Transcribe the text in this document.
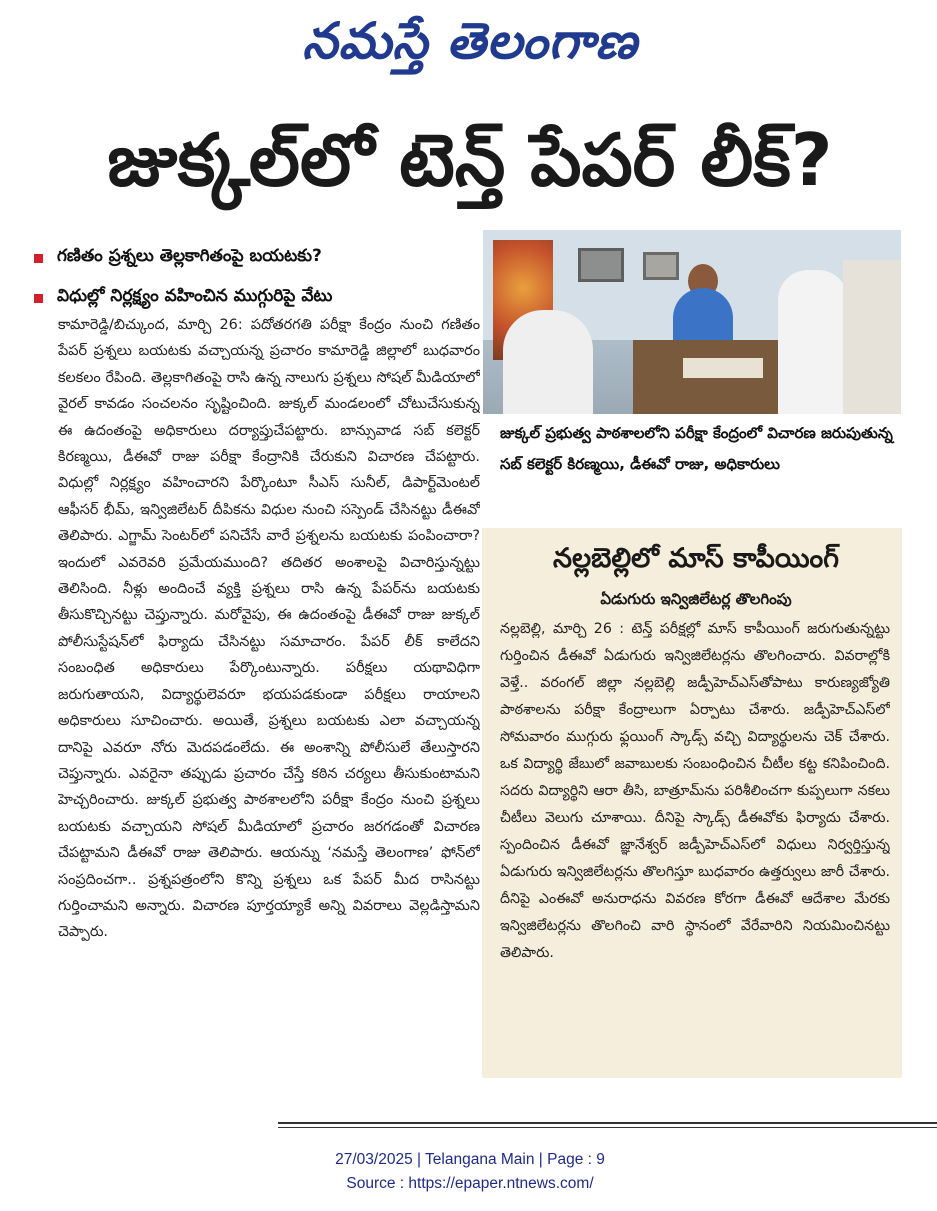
నమస్తే తెలంగాణ
జుక్కల్‌లో టెన్త్ పేపర్ లీక్?
గణితం ప్రశ్నలు తెల్లకాగితంపై బయటకు?
విధుల్లో నిర్లక్ష్యం వహించిన ముగ్గురిపై వేటు
కామారెడ్డి/బిచ్కుంద, మార్చి 26: పదోతరగతి పరీక్షా కేంద్రం నుంచి గణితం పేపర్ ప్రశ్నలు బయటకు వచ్చాయన్న ప్రచారం కామారెడ్డి జిల్లాలో బుధవారం కలకలం రేపింది. తెల్లకాగితంపై రాసి ఉన్న నాలుగు ప్రశ్నలు సోషల్ మీడియాలో వైరల్ కావడం సంచలనం సృష్టించింది. జుక్కల్ మండలంలో చోటుచేసుకున్న ఈ ఉదంతంపై అధికారులు దర్యాప్తుచేపట్టారు. బాన్సువాడ సబ్ కలెక్టర్ కిరణ్మయి, డీఈవో రాజు పరీక్షా కేంద్రానికి చేరుకుని విచారణ చేపట్టారు. విధుల్లో నిర్లక్ష్యం వహించారని పేర్కొంటూ సీఎస్ సునీల్, డిపార్ట్‌మెంటల్ ఆఫీసర్ భీమ్, ఇన్విజిలేటర్ దీపికను విధుల నుంచి సస్పెండ్ చేసినట్టు డీఈవో తెలిపారు. ఎగ్జామ్ సెంటర్‌లో పనిచేసే వారే ప్రశ్నలను బయటకు పంపించారా? ఇందులో ఎవరెవరి ప్రమేయముంది? తదితర అంశాలపై విచారిస్తున్నట్టు తెలిసింది. నీళ్లు అందించే వ్యక్తి ప్రశ్నలు రాసి ఉన్న పేపర్‌ను బయటకు తీసుకొచ్చినట్టు చెప్తున్నారు. మరోవైపు, ఈ ఉదంతంపై డీఈవో రాజు జుక్కల్ పోలీసుస్టేషన్‌లో ఫిర్యాదు చేసినట్టు సమాచారం. పేపర్ లీక్ కాలేదని సంబంధిత అధికారులు పేర్కొంటున్నారు. పరీక్షలు యథావిధిగా జరుగుతాయని, విద్యార్థులెవరూ భయపడకుండా పరీక్షలు రాయాలని అధికారులు సూచించారు. అయితే, ప్రశ్నలు బయటకు ఎలా వచ్చాయన్న దానిపై ఎవరూ నోరు మెదపడంలేదు. ఈ అంశాన్ని పోలీసులే తేలుస్తారని చెప్తున్నారు. ఎవరైనా తప్పుడు ప్రచారం చేస్తే కఠిన చర్యలు తీసుకుంటామని హెచ్చరించారు. జుక్కల్ ప్రభుత్వ పాఠశాలలోని పరీక్షా కేంద్రం నుంచి ప్రశ్నలు బయటకు వచ్చాయని సోషల్ మీడియాలో ప్రచారం జరగడంతో విచారణ చేపట్టామని డీఈవో రాజు తెలిపారు. ఆయన్ను ‘నమస్తే తెలంగాణ’ ఫోన్‌లో సంప్రదించగా.. ప్రశ్నపత్రంలోని కొన్ని ప్రశ్నలు ఒక పేపర్ మీద రాసినట్టు గుర్తించామని అన్నారు. విచారణ పూర్తయ్యాకే అన్ని వివరాలు వెల్లడిస్తామని చెప్పారు.
జుక్కల్ ప్రభుత్వ పాఠశాలలోని పరీక్షా కేంద్రంలో విచారణ జరుపుతున్న సబ్ కలెక్టర్ కిరణ్మయి, డీఈవో రాజు, అధికారులు
నల్లబెల్లిలో మాస్ కాపీయింగ్
ఏడుగురు ఇన్విజిలేటర్ల తొలగింపు
నల్లబెల్లి, మార్చి 26 : టెన్త్ పరీక్షల్లో మాస్ కాపీయింగ్ జరుగుతున్నట్టు గుర్తించిన డీఈవో ఏడుగురు ఇన్విజిలేటర్లను తొలగించారు. వివరాల్లోకి వెళ్తే.. వరంగల్ జిల్లా నల్లబెల్లి జడ్పీహెచ్‌ఎస్‌తోపాటు కారుణ్యజ్యోతి పాఠశాలను పరీక్షా కేంద్రాలుగా ఏర్పాటు చేశారు. జడ్పీహెచ్‌ఎస్‌లో సోమవారం ముగ్గురు ఫ్లయింగ్ స్కాడ్స్ వచ్చి విద్యార్థులను చెక్ చేశారు. ఒక విద్యార్థి జేబులో జవాబులకు సంబంధించిన చీటీల కట్ట కనిపించింది. సదరు విద్యార్థిని ఆరా తీసి, బాత్రూమ్‌ను పరిశీలించగా కుప్పలుగా నకలు చీటీలు వెలుగు చూశాయి. దీనిపై స్కాడ్స్ డీఈవోకు ఫిర్యాదు చేశారు. స్పందించిన డీఈవో జ్ఞానేశ్వర్ జడ్పీహెచ్‌ఎస్‌లో విధులు నిర్వర్తిస్తున్న ఏడుగురు ఇన్విజిలేటర్లను తొలగిస్తూ బుధవారం ఉత్తర్వులు జారీ చేశారు. దీనిపై ఎంఈవో అనురాధను వివరణ కోరగా డీఈవో ఆదేశాల మేరకు ఇన్విజిలేటర్లను తొలగించి వారి స్థానంలో వేరేవారిని నియమించినట్టు తెలిపారు.
27/03/2025 | Telangana Main | Page : 9
Source : https://epaper.ntnews.com/
